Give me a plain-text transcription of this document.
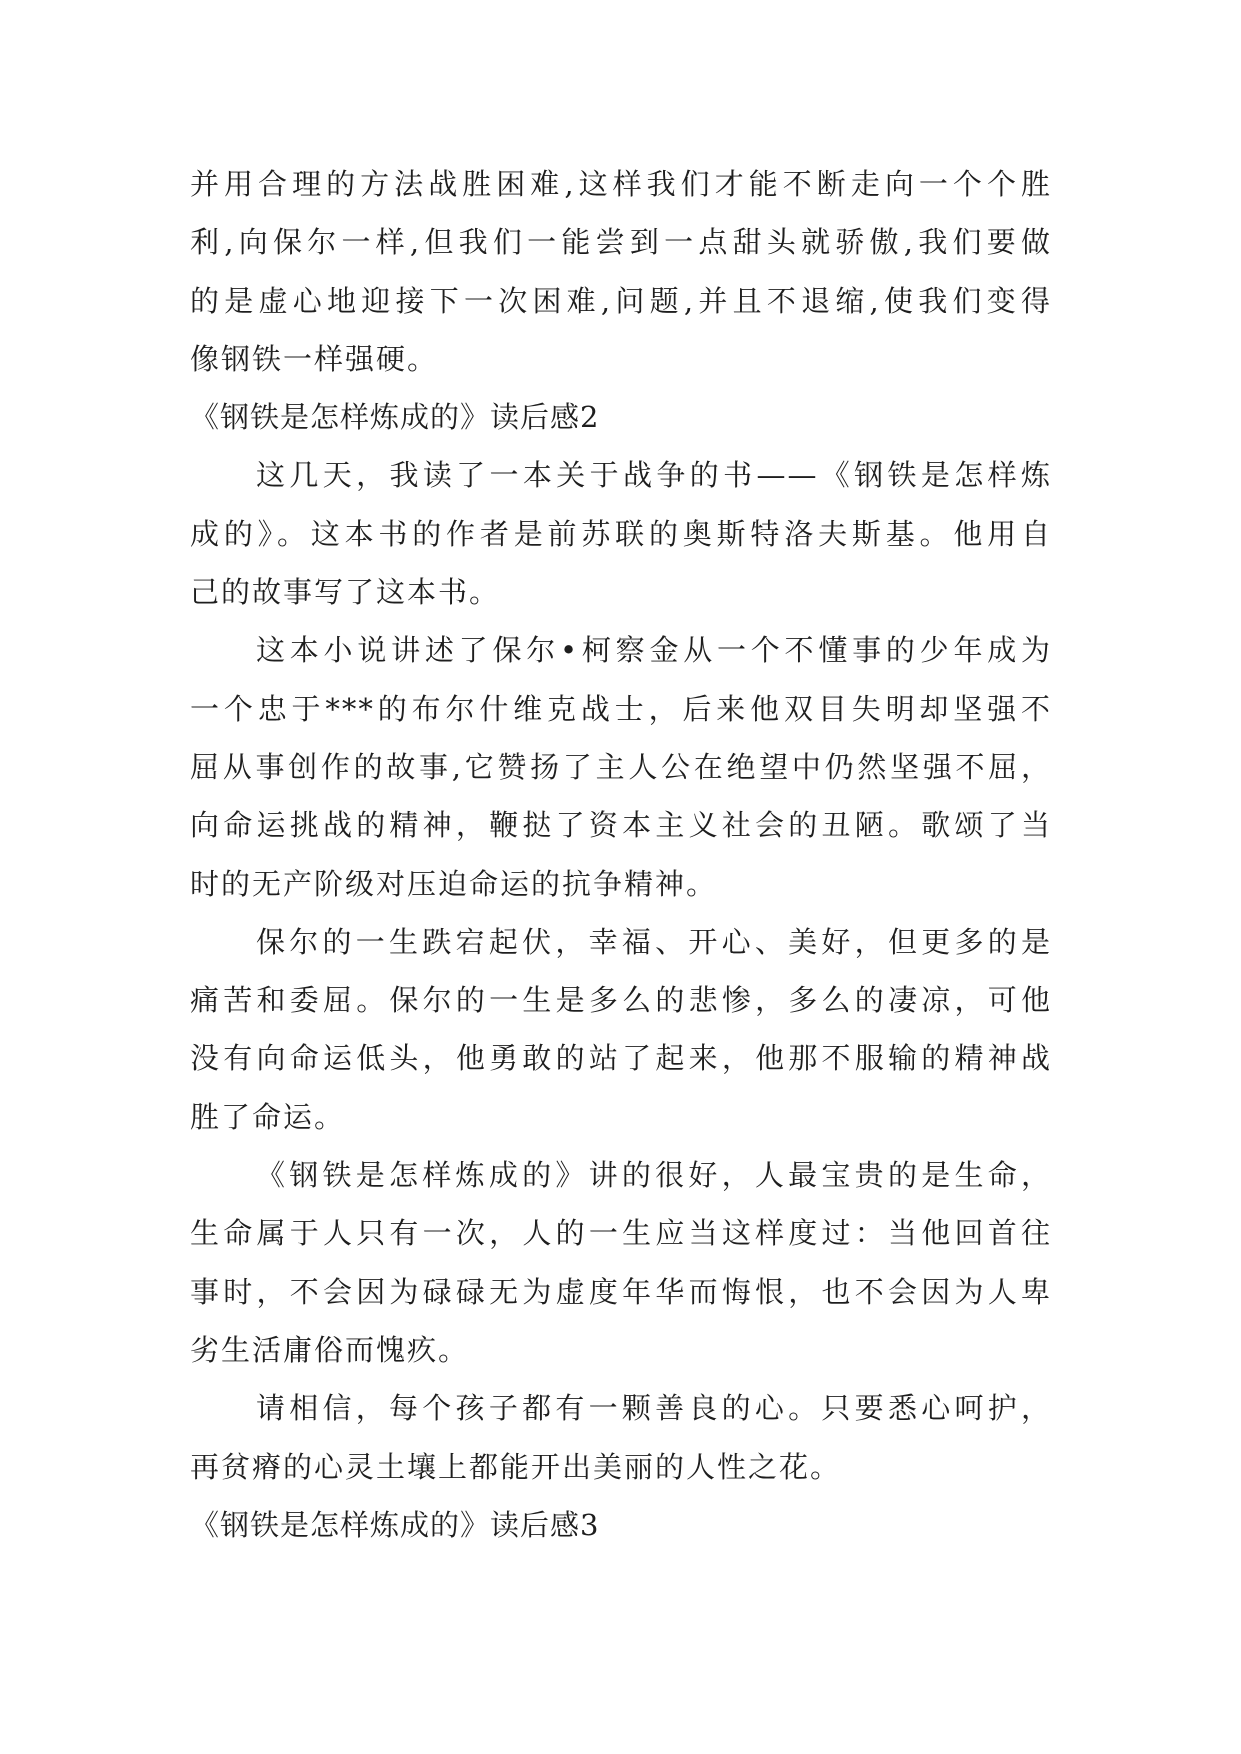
并用合理的方法战胜困难,这样我们才能不断走向一个个胜
利,向保尔一样,但我们一能尝到一点甜头就骄傲,我们要做
的是虚心地迎接下一次困难,问题,并且不退缩,使我们变得
像钢铁一样强硬。
《钢铁是怎样炼成的》读后感2
这几天，我读了一本关于战争的书——《钢铁是怎样炼
成的》。这本书的作者是前苏联的奥斯特洛夫斯基。他用自
己的故事写了这本书。
这本小说讲述了保尔•柯察金从一个不懂事的少年成为
一个忠于***的布尔什维克战士，后来他双目失明却坚强不
屈从事创作的故事,它赞扬了主人公在绝望中仍然坚强不屈，
向命运挑战的精神，鞭挞了资本主义社会的丑陋。歌颂了当
时的无产阶级对压迫命运的抗争精神。
保尔的一生跌宕起伏，幸福、开心、美好，但更多的是
痛苦和委屈。保尔的一生是多么的悲惨，多么的凄凉，可他
没有向命运低头，他勇敢的站了起来，他那不服输的精神战
胜了命运。
《钢铁是怎样炼成的》讲的很好，人最宝贵的是生命，
生命属于人只有一次，人的一生应当这样度过：当他回首往
事时，不会因为碌碌无为虚度年华而悔恨，也不会因为人卑
劣生活庸俗而愧疚。
请相信，每个孩子都有一颗善良的心。只要悉心呵护，
再贫瘠的心灵土壤上都能开出美丽的人性之花。
《钢铁是怎样炼成的》读后感3
